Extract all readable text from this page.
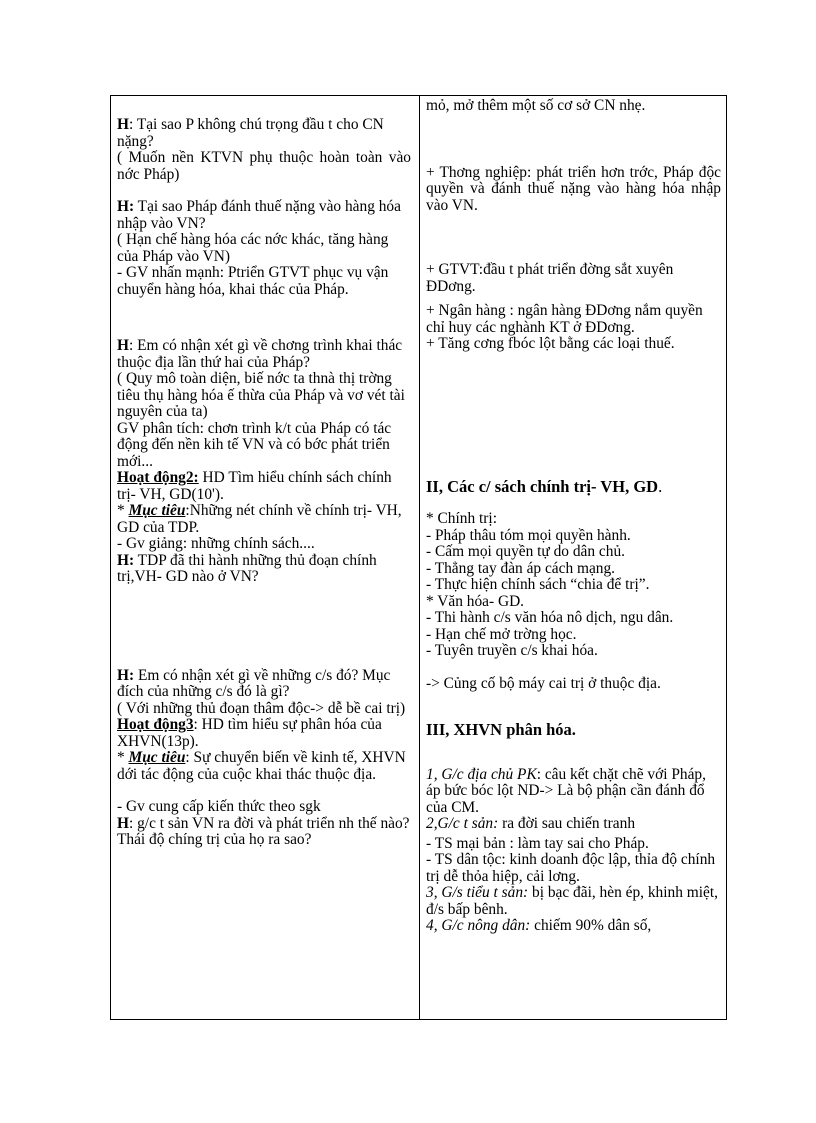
H: Tại sao P không chú trọng đầu t cho CN nặng?

( Muốn nền KTVN phụ thuộc hoàn toàn vào nớc Pháp)

H: Tại sao Pháp đánh thuế nặng vào hàng hóa nhập vào VN?

( Hạn chế hàng hóa các nớc khác, tăng hàng của Pháp vào VN)

- GV nhấn mạnh: Ptriển GTVT phục vụ vận chuyển hàng hóa, khai thác của Pháp.

H: Em có nhận xét gì về chơng trình khai thác thuộc địa lần thứ hai của Pháp?

( Quy mô toàn diện, biế nớc ta thnà thị trờng tiêu thụ hàng hóa ế thừa của Pháp và vơ vét tài nguyên của ta)

GV phân tích: chơn trình k/t của Pháp có tác động đến nền kih tế VN và có bớc phát triển mới...

Hoạt động2: HD Tìm hiểu chính sách chính trị- VH, GD(10').

* Mục tiêu:Những nét chính về chính trị- VH, GD của TDP.

- Gv giảng: những chính sách....

H: TDP đã thi hành những thủ đoạn chính trị,VH- GD nào ở VN?

H: Em có nhận xét gì về những c/s đó? Mục đích của những c/s đó là gì?

( Với những thủ đoạn thâm độc-> dễ bề cai trị)

Hoạt động3: HD tìm hiểu sự phân hóa của XHVN(13p).

* Mục tiêu: Sự chuyển biến về kinh tế, XHVN dới tác động của cuộc khai thác thuộc địa.

- Gv cung cấp kiến thức theo sgk

H: g/c t sản VN ra đời và phát triển nh thế nào? Thái độ chíng trị của họ ra sao?

mỏ, mở thêm một số cơ sở CN nhẹ.

+ Thơng nghiệp: phát triển hơn trớc, Pháp độc quyền và đánh thuế nặng vào hàng hóa nhập vào VN.

+ GTVT:đầu t phát triển đờng sắt xuyên ĐDơng.

+ Ngân hàng : ngân hàng ĐDơng nắm quyền chỉ huy các nghành KT ở ĐDơng.

+ Tăng cơng fbóc lột bằng các loại thuế.

II, Các c/ sách chính trị- VH, GD.

* Chính trị:

- Pháp thâu tóm mọi quyền hành.

- Cấm mọi quyền tự do dân chủ.

- Thẳng tay đàn áp cách mạng.

- Thực hiện chính sách “chia để trị”.

* Văn hóa- GD.

- Thi hành c/s văn hóa nô dịch, ngu dân.

- Hạn chế mở trờng học.

- Tuyên truyền c/s khai hóa.

-> Củng cố bộ máy cai trị ở thuộc địa.

III, XHVN phân hóa.

1, G/c địa chủ PK: câu kết chặt chẽ với Pháp, áp bức bóc lột ND-> Là bộ phận cần đánh đổ của CM.

2,G/c t sản: ra đời sau chiến tranh

- TS mại bản : làm tay sai cho Pháp.

- TS dân tộc: kinh doanh độc lập, thỉa độ chính trị dễ thỏa hiệp, cải lơng.

3, G/s tiểu t sản: bị bạc đãi, hèn ép, khinh miệt, đ/s bấp bênh.

4, G/c nông dân: chiếm 90% dân số,
